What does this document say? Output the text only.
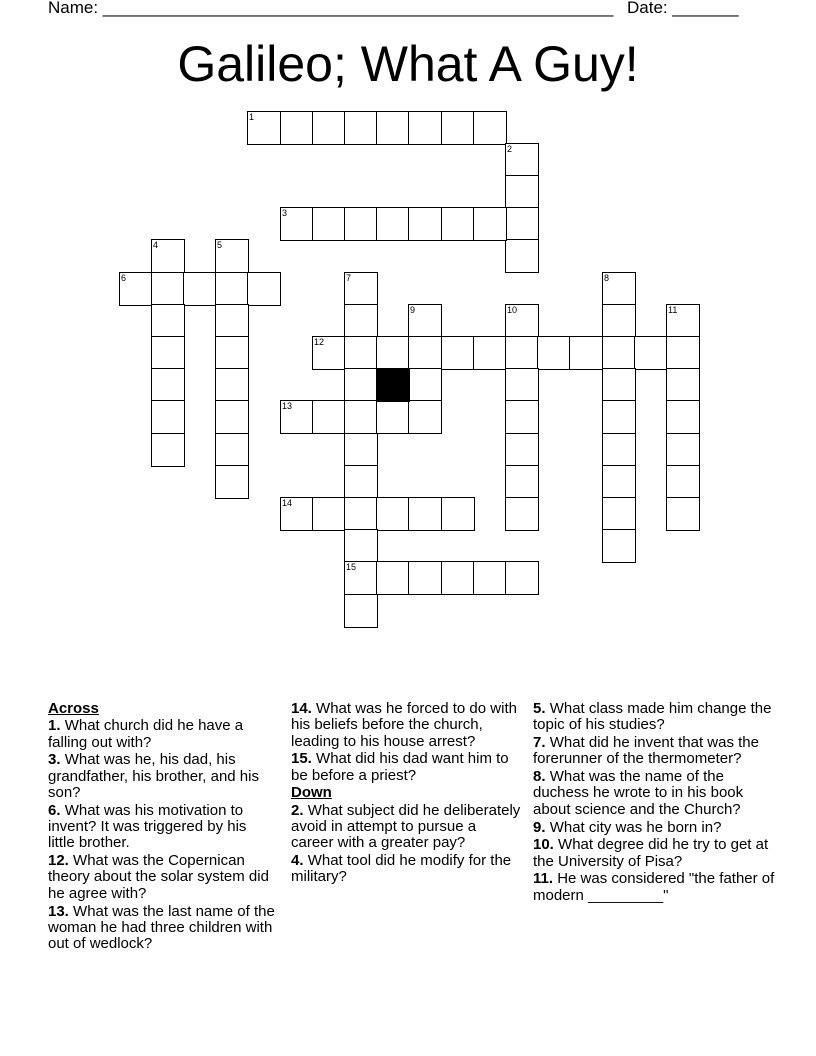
Name: ______________________________________________________ Date: _______
Galileo; What A Guy!
1
2
3
4	5
6	7	8
9	10	11
12
13
14
15
Across
1. What church did he have a falling out with?
3. What was he, his dad, his grandfather, his brother, and his son?
6. What was his motivation to invent? It was triggered by his little brother.
12. What was the Copernican theory about the solar system did he agree with?
13. What was the last name of the woman he had three children with out of wedlock?
14. What was he forced to do with his beliefs before the church, leading to his house arrest?
15. What did his dad want him to be before a priest?
Down
2. What subject did he deliberately avoid in attempt to pursue a career with a greater pay?
4. What tool did he modify for the military?
5. What class made him change the topic of his studies?
7. What did he invent that was the forerunner of the thermometer?
8. What was the name of the duchess he wrote to in his book about science and the Church?
9. What city was he born in?
10. What degree did he try to get at the University of Pisa?
11. He was considered "the father of modern _________"
